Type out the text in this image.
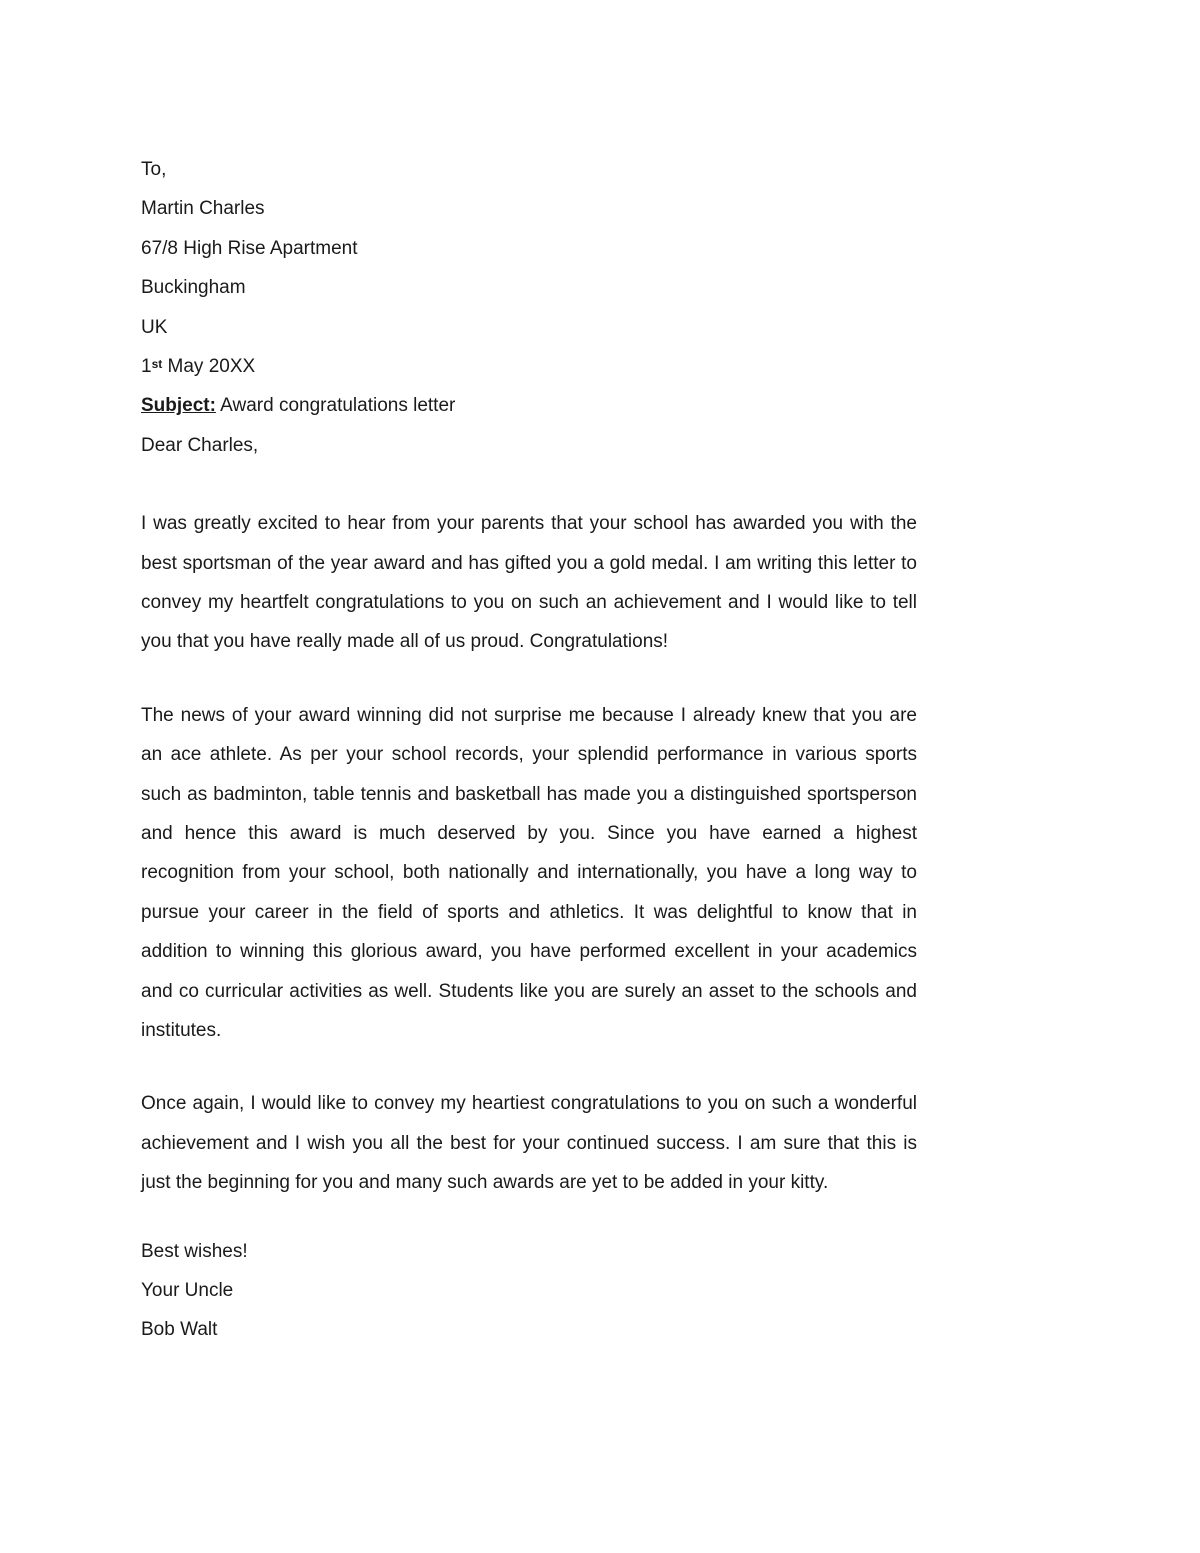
To,
Martin Charles
67/8 High Rise Apartment
Buckingham
UK
1st May 20XX
Subject: Award congratulations letter
Dear Charles,

I was greatly excited to hear from your parents that your school has awarded you with the best sportsman of the year award and has gifted you a gold medal. I am writing this letter to convey my heartfelt congratulations to you on such an achievement and I would like to tell you that you have really made all of us proud. Congratulations!

The news of your award winning did not surprise me because I already knew that you are an ace athlete. As per your school records, your splendid performance in various sports such as badminton, table tennis and basketball has made you a distinguished sportsperson and hence this award is much deserved by you. Since you have earned a highest recognition from your school, both nationally and internationally, you have a long way to pursue your career in the field of sports and athletics. It was delightful to know that in addition to winning this glorious award, you have performed excellent in your academics and co curricular activities as well. Students like you are surely an asset to the schools and institutes.

Once again, I would like to convey my heartiest congratulations to you on such a wonderful achievement and I wish you all the best for your continued success. I am sure that this is just the beginning for you and many such awards are yet to be added in your kitty.

Best wishes!
Your Uncle
Bob Walt
